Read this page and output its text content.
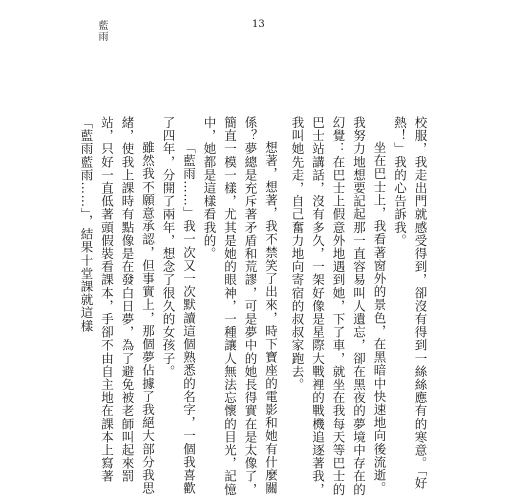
藍雨	13

校服，我走出門就感受得到，卻沒有得到一絲絲應有的寒意。「好熱！」我的心告訴我。

坐在巴士上，我看著窗外的景色，在黑暗中快速地向後流逝。我努力地想要記起那一直容易叫人遺忘，卻在黑夜的夢境中存在的幻覺：在巴士上假意外地遇到她，下了車，就坐在我每天等巴士的巴士站講話，沒有多久，一架好像是星際大戰裡的戰機追逐著我，我叫她先走，自己奮力地向寄宿的叔叔家跑去。

想著，想著，我不禁笑了出來，時下寶座的電影和她有什麼關係？夢總是充斥著矛盾和荒謬，可是夢中的她長得實在是太像了，簡直一模一樣，尤其是她的眼神，一種讓人無法忘懷的目光，記憶中，她都是這樣看我的。

「藍雨……」我一次又一次默讀這個熟悉的名字，一個我喜歡了四年，分開了兩年，想念了很久的女孩子。

雖然我不願意承認，但事實上，那個夢佔據了我絕大部分我思緒，使我上課時有點像是在發白日夢，為了避免被老師叫起來罰站，只好一直低著頭假裝看課本，手卻不由自主地在課本上寫著「藍雨藍雨……」，結果十堂課就這樣
